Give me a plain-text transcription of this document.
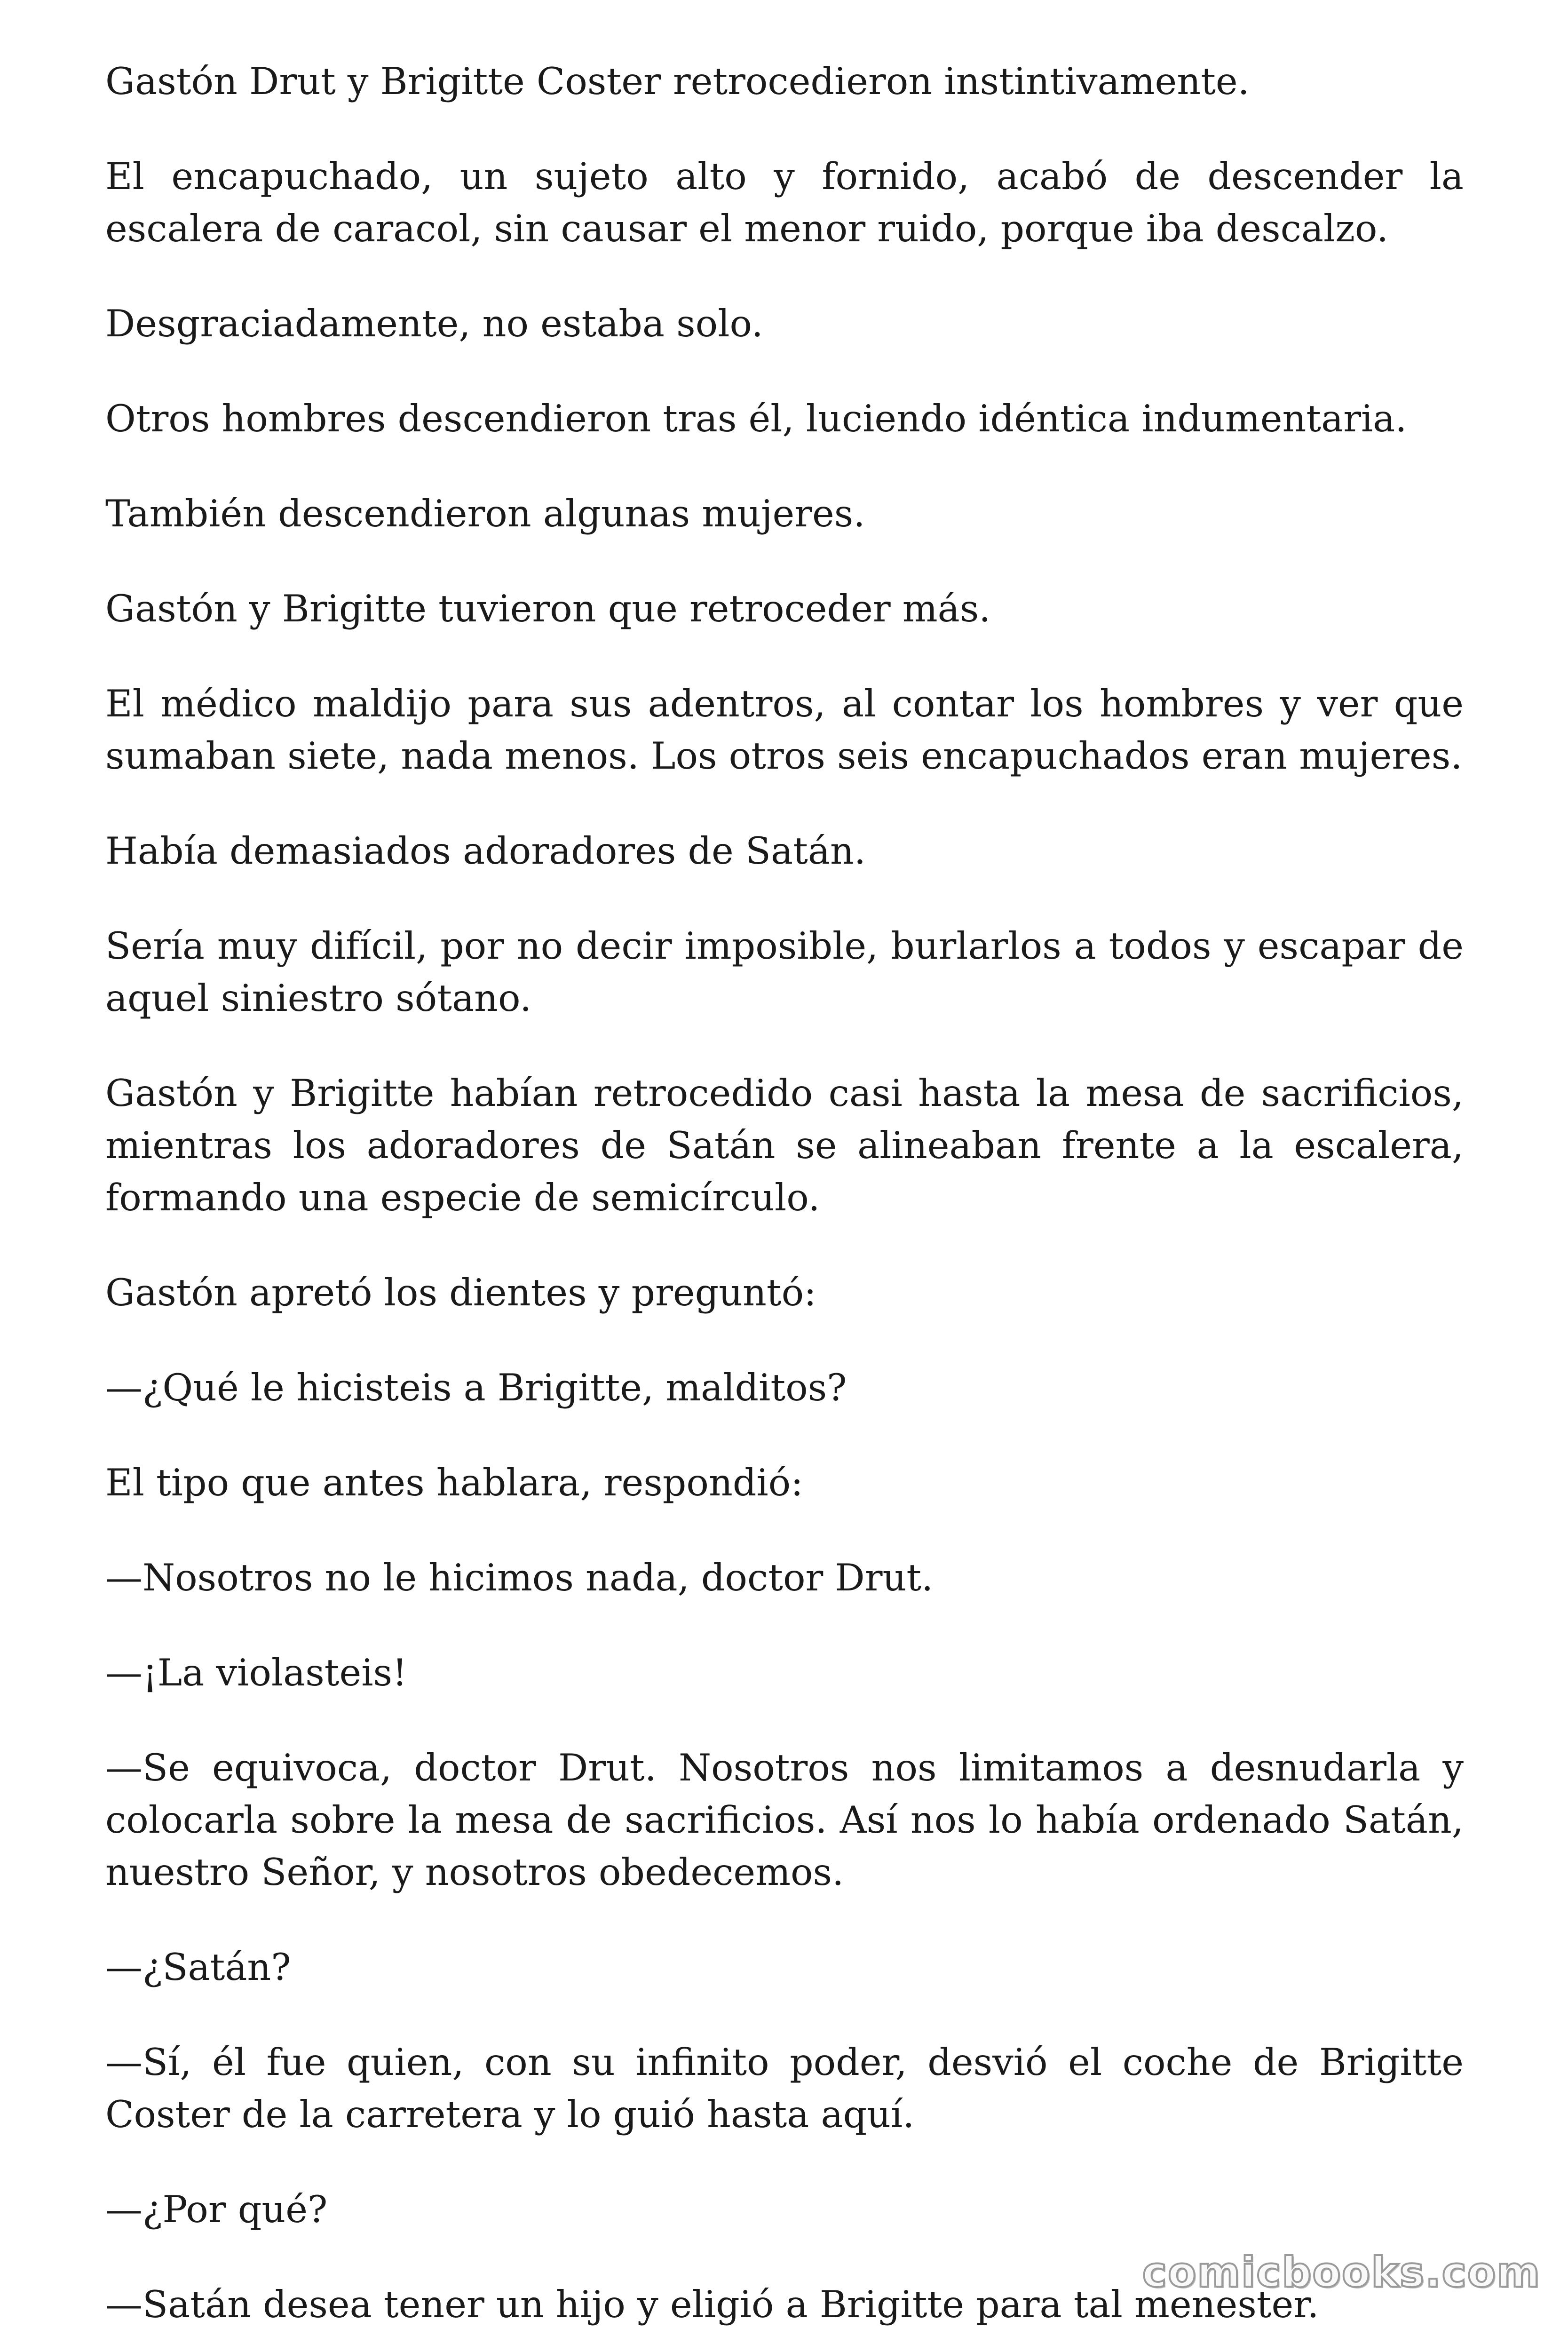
Gastón Drut y Brigitte Coster retrocedieron instintivamente.

El encapuchado, un sujeto alto y fornido, acabó de descender la escalera de caracol, sin causar el menor ruido, porque iba descalzo.

Desgraciadamente, no estaba solo.

Otros hombres descendieron tras él, luciendo idéntica indumentaria.

También descendieron algunas mujeres.

Gastón y Brigitte tuvieron que retroceder más.

El médico maldijo para sus adentros, al contar los hombres y ver que sumaban siete, nada menos. Los otros seis encapuchados eran mujeres.

Había demasiados adoradores de Satán.

Sería muy difícil, por no decir imposible, burlarlos a todos y escapar de aquel siniestro sótano.

Gastón y Brigitte habían retrocedido casi hasta la mesa de sacrificios, mientras los adoradores de Satán se alineaban frente a la escalera, formando una especie de semicírculo.

Gastón apretó los dientes y preguntó:

—¿Qué le hicisteis a Brigitte, malditos?

El tipo que antes hablara, respondió:

—Nosotros no le hicimos nada, doctor Drut.

—¡La violasteis!

—Se equivoca, doctor Drut. Nosotros nos limitamos a desnudarla y colocarla sobre la mesa de sacrificios. Así nos lo había ordenado Satán, nuestro Señor, y nosotros obedecemos.

—¿Satán?

—Sí, él fue quien, con su infinito poder, desvió el coche de Brigitte Coster de la carretera y lo guió hasta aquí.

—¿Por qué?

—Satán desea tener un hijo y eligió a Brigitte para tal menester.

comicbooks.com
